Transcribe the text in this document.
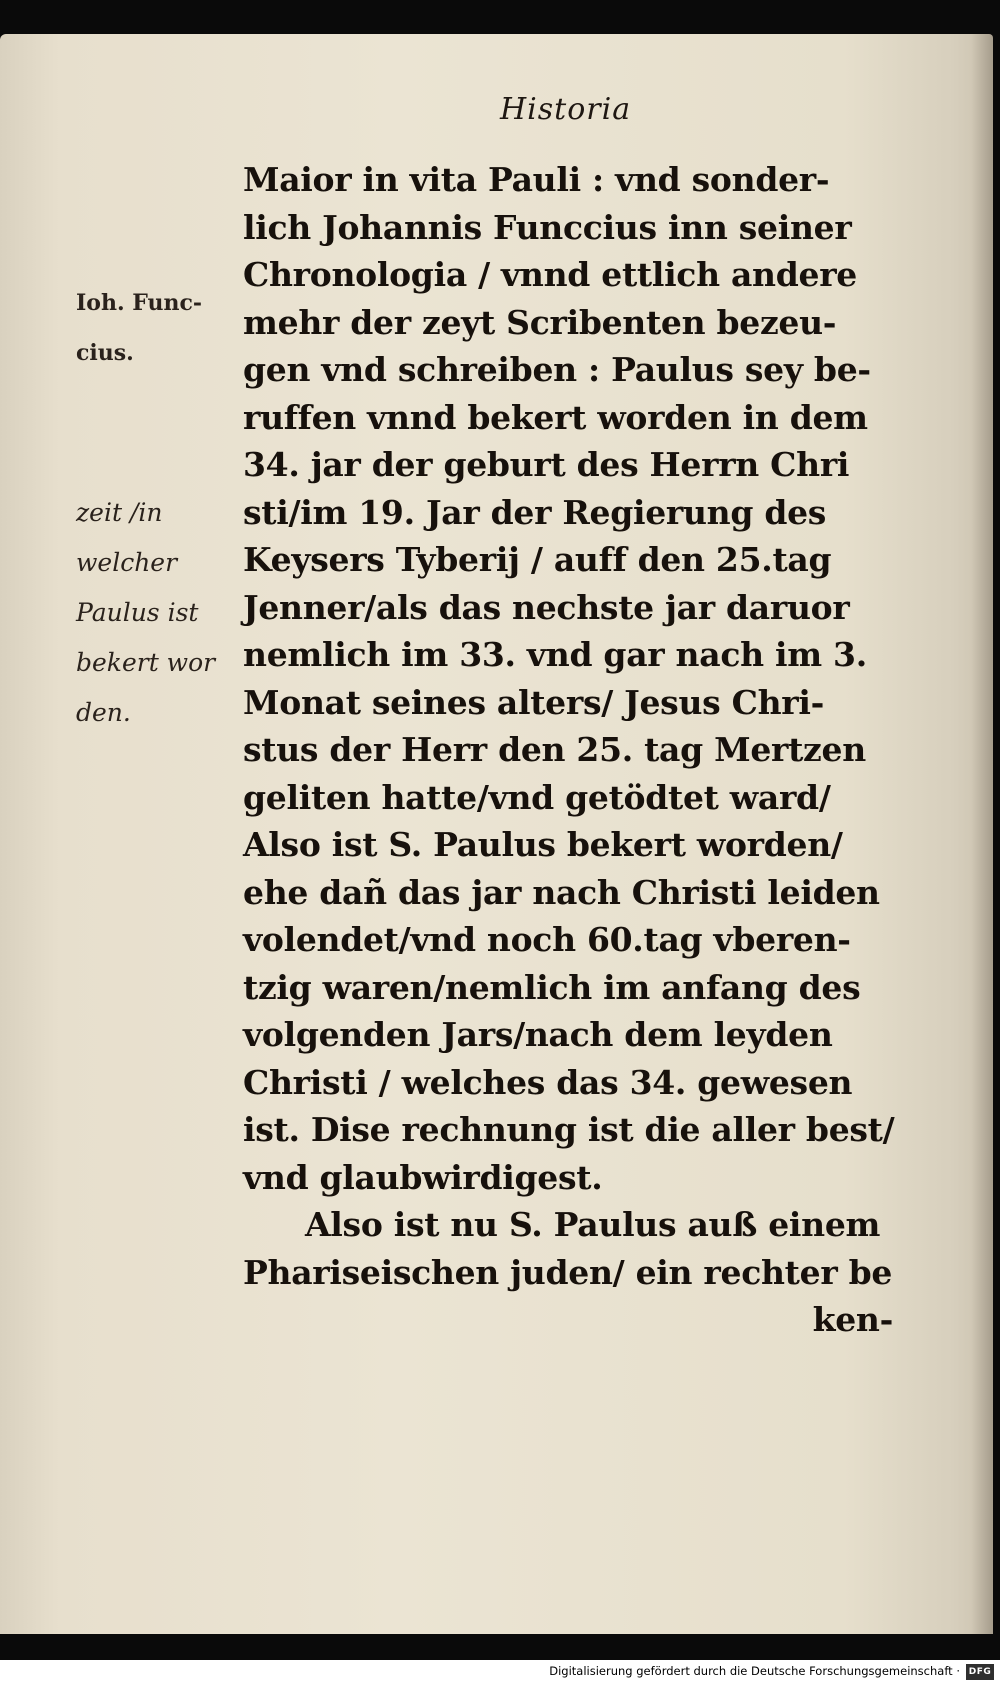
Historia
Ioh. Func-
cius.
zeit /in
welcher
Paulus ist
bekert wor
den.
Maior in vita Pauli : vnd sonder-
lich Johannis Funccius inn seiner
Chronologia / vnnd ettlich andere
mehr der zeyt Scribenten bezeu-
gen vnd schreiben : Paulus sey be-
ruffen vnnd bekert worden in dem
34. jar der geburt des Herrn Chri
sti/im 19. Jar der Regierung des
Keysers Tyberij / auff den 25.tag
Jenner/als das nechste jar daruor
nemlich im 33. vnd gar nach im 3.
Monat seines alters/ Jesus Chri-
stus der Herr den 25. tag Mertzen
geliten hatte/vnd getödtet ward/
Also ist S. Paulus bekert worden/
ehe dañ das jar nach Christi leiden
volendet/vnd noch 60.tag vberen-
tzig waren/nemlich im anfang des
volgenden Jars/nach dem leyden
Christi / welches das 34. gewesen
ist. Dise rechnung ist die aller best/
vnd glaubwirdigest.
Also ist nu S. Paulus auß einem
Phariseischen juden/ ein rechter be
ken-
Digitalisierung gefördert durch die Deutsche Forschungsgemeinschaft · DFG
